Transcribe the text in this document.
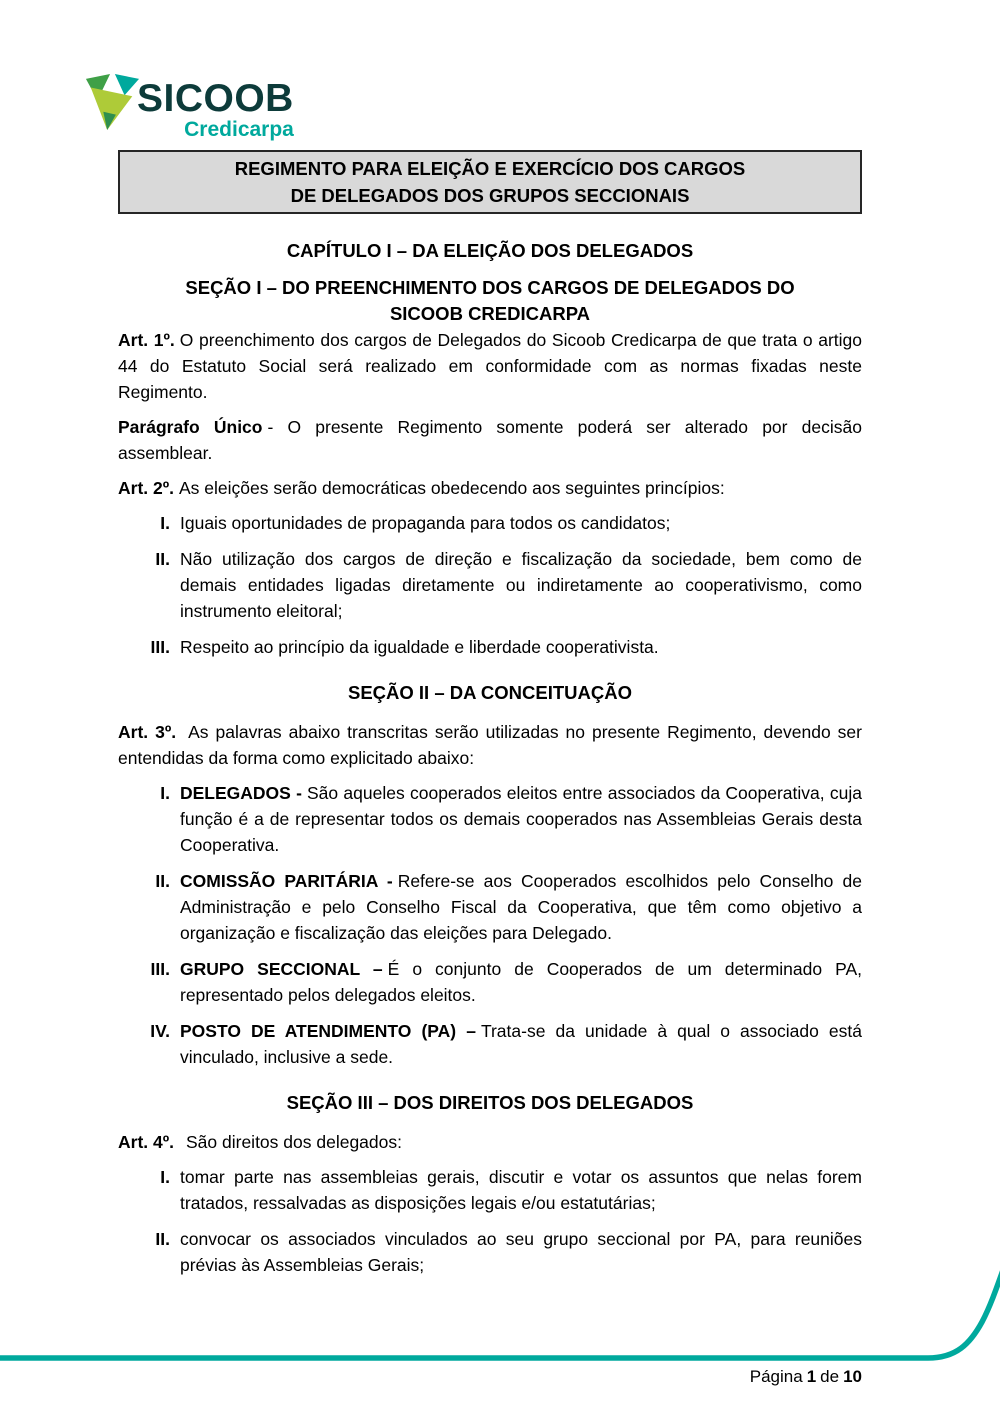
SICOOB
Credicarpa
REGIMENTO PARA ELEIÇÃO E EXERCÍCIO DOS CARGOS
DE DELEGADOS DOS GRUPOS SECCIONAIS
CAPÍTULO I – DA ELEIÇÃO DOS DELEGADOS
SEÇÃO I – DO PREENCHIMENTO DOS CARGOS DE DELEGADOS DO
SICOOB CREDICARPA

Art. 1º. O preenchimento dos cargos de Delegados do Sicoob Credicarpa de que trata o artigo 44 do Estatuto Social será realizado em conformidade com as normas fixadas neste Regimento.

Parágrafo Único - O presente Regimento somente poderá ser alterado por decisão assemblear.

Art. 2º. As eleições serão democráticas obedecendo aos seguintes princípios:

I. Iguais oportunidades de propaganda para todos os candidatos;
II. Não utilização dos cargos de direção e fiscalização da sociedade, bem como de demais entidades ligadas diretamente ou indiretamente ao cooperativismo, como instrumento eleitoral;
III. Respeito ao princípio da igualdade e liberdade cooperativista.
SEÇÃO II – DA CONCEITUAÇÃO

Art. 3º. As palavras abaixo transcritas serão utilizadas no presente Regimento, devendo ser entendidas da forma como explicitado abaixo:

I. DELEGADOS - São aqueles cooperados eleitos entre associados da Cooperativa, cuja função é a de representar todos os demais cooperados nas Assembleias Gerais desta Cooperativa.
II. COMISSÃO PARITÁRIA - Refere-se aos Cooperados escolhidos pelo Conselho de Administração e pelo Conselho Fiscal da Cooperativa, que têm como objetivo a organização e fiscalização das eleições para Delegado.
III. GRUPO SECCIONAL – É o conjunto de Cooperados de um determinado PA, representado pelos delegados eleitos.
IV. POSTO DE ATENDIMENTO (PA) – Trata-se da unidade à qual o associado está vinculado, inclusive a sede.
SEÇÃO III – DOS DIREITOS DOS DELEGADOS

Art. 4º. São direitos dos delegados:

I. tomar parte nas assembleias gerais, discutir e votar os assuntos que nelas forem tratados, ressalvadas as disposições legais e/ou estatutárias;
II. convocar os associados vinculados ao seu grupo seccional por PA, para reuniões prévias às Assembleias Gerais;
Página 1 de 10
